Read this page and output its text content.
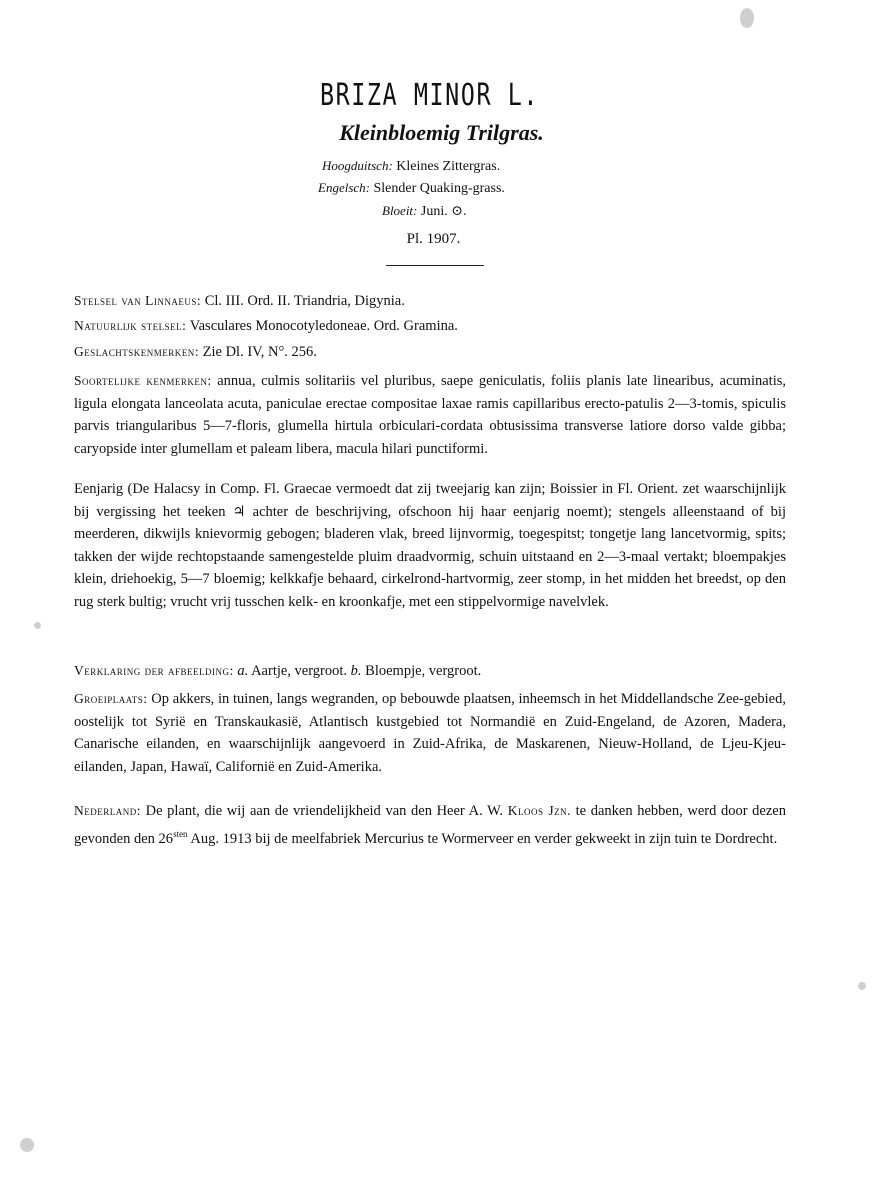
BRIZA MINOR L.
Kleinbloemig Trilgras.
Hoogduitsch: Kleines Zittergras.
Engelsch: Slender Quaking-grass.
Bloeit: Juni. ⊙.
Pl. 1907.
Stelsel van Linnaeus: Cl. III. Ord. II. Triandria, Digynia.
Natuurlijk stelsel: Vasculares Monocotyledoneae. Ord. Gramina.
Geslachtskenmerken: Zie Dl. IV, N°. 256.
Soortelijke kenmerken: annua, culmis solitariis vel pluribus, saepe geniculatis, foliis planis late linearibus, acuminatis, ligula elongata lanceolata acuta, paniculae erectae compositae laxae ramis capillaribus erecto-patulis 2—3-tomis, spiculis parvis triangularibus 5—7-floris, glumella hirtula orbiculari-cordata obtusissima transverse latiore dorso valde gibba; caryopside inter glumellam et paleam libera, macula hilari punctiformi.
Eenjarig (De Halacsy in Comp. Fl. Graecae vermoedt dat zij tweejarig kan zijn; Boissier in Fl. Orient. zet waarschijnlijk bij vergissing het teeken ♃ achter de beschrijving, ofschoon hij haar eenjarig noemt); stengels alleenstaand of bij meerderen, dikwijls knievormig gebogen; bladeren vlak, breed lijnvormig, toegespitst; tongetje lang lancetvormig, spits; takken der wijde rechtopstaande samengestelde pluim draadvormig, schuin uitstaand en 2—3-maal vertakt; bloempakjes klein, driehoekig, 5—7 bloemig; kelkkafje behaard, cirkelrond-hartvormig, zeer stomp, in het midden het breedst, op den rug sterk bultig; vrucht vrij tusschen kelk- en kroonkafje, met een stippelvormige navelvlek.
Verklaring der afbeelding: a. Aartje, vergroot. b. Bloempje, vergroot.
Groeiplaats: Op akkers, in tuinen, langs wegranden, op bebouwde plaatsen, inheemsch in het Middellandsche Zee-gebied, oostelijk tot Syrië en Transkaukasië, Atlantisch kustgebied tot Normandië en Zuid-Engeland, de Azoren, Madera, Canarische eilanden, en waarschijnlijk aangevoerd in Zuid-Afrika, de Maskarenen, Nieuw-Holland, de Ljeu-Kjeu-eilanden, Japan, Hawaï, Californië en Zuid-Amerika.
Nederland: De plant, die wij aan de vriendelijkheid van den Heer A. W. Kloos Jzn. te danken hebben, werd door dezen gevonden den $26^{sten}$ Aug. 1913 bij de meelfabriek Mercurius te Wormerveer en verder gekweekt in zijn tuin te Dordrecht.
